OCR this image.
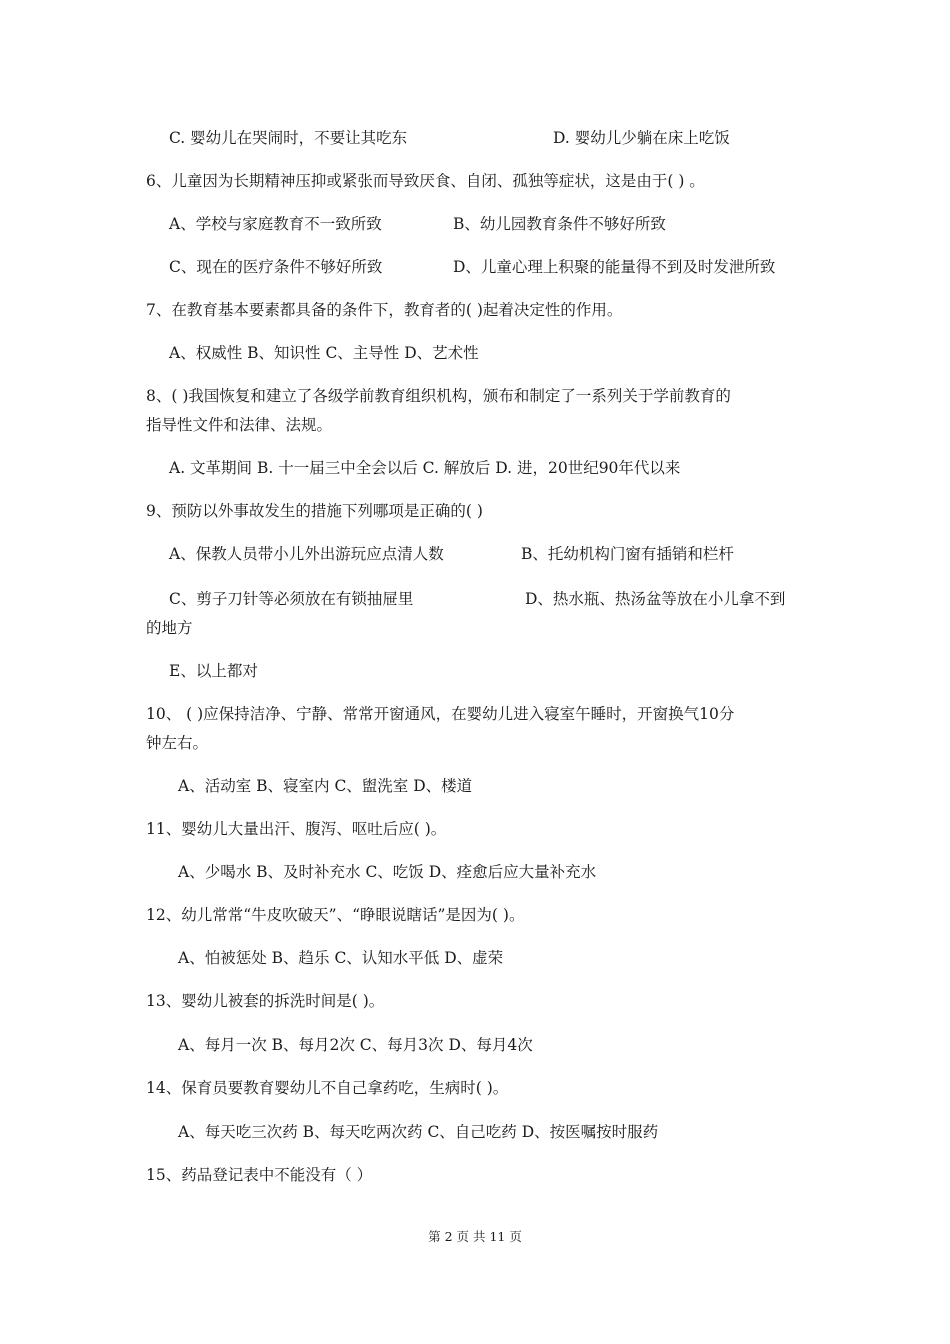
C. 婴幼儿在哭闹时，不要让其吃东	D. 婴幼儿少躺在床上吃饭
6、儿童因为长期精神压抑或紧张而导致厌食、自闭、孤独等症状，这是由于( ) 。
A、学校与家庭教育不一致所致	B、幼儿园教育条件不够好所致
C、现在的医疗条件不够好所致	D、儿童心理上积聚的能量得不到及时发泄所致
7、在教育基本要素都具备的条件下，教育者的( )起着决定性的作用。
A、权威性 B、知识性 C、主导性 D、艺术性
8、( )我国恢复和建立了各级学前教育组织机构，颁布和制定了一系列关于学前教育的
指导性文件和法律、法规。
A. 文革期间 B. 十一届三中全会以后 C. 解放后 D. 进，20世纪90年代以来
9、预防以外事故发生的措施下列哪项是正确的( )
A、保教人员带小儿外出游玩应点清人数	B、托幼机构门窗有插销和栏杆
C、剪子刀针等必须放在有锁抽屉里	D、热水瓶、热汤盆等放在小儿拿不到
的地方
E、以上都对
10、 ( )应保持洁净、宁静、常常开窗通风，在婴幼儿进入寝室午睡时，开窗换气10分
钟左右。
A、活动室 B、寝室内 C、盥洗室 D、楼道
11、婴幼儿大量出汗、腹泻、呕吐后应( )。
A、少喝水 B、及时补充水 C、吃饭 D、痊愈后应大量补充水
12、幼儿常常“牛皮吹破天”、“睁眼说瞎话”是因为( )。
A、怕被惩处 B、趋乐 C、认知水平低 D、虚荣
13、婴幼儿被套的拆洗时间是( )。
A、每月一次 B、每月2次 C、每月3次 D、每月4次
14、保育员要教育婴幼儿不自己拿药吃，生病时( )。
A、每天吃三次药 B、每天吃两次药 C、自己吃药 D、按医嘱按时服药
15、药品登记表中不能没有（ ）
第 2 页 共 11 页
